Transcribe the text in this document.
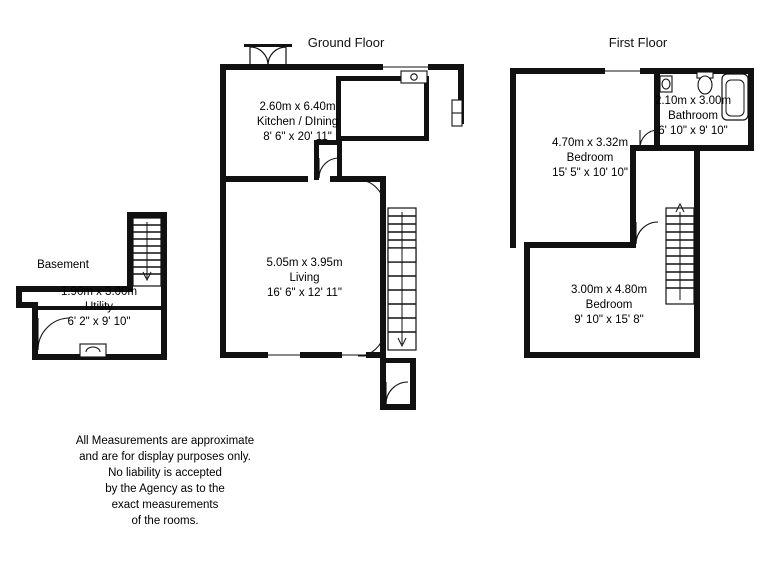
Ground Floor	First Floor
Basement
1.90m x 3.00m
Utility
6' 2" x 9' 10"
2.60m x 6.40m
Kitchen / DIning
8' 6" x 20' 11"
5.05m x 3.95m
Living
16' 6" x 12' 11"
4.70m x 3.32m
Bedroom
15' 5" x 10' 10"
3.00m x 4.80m
Bedroom
9' 10" x 15' 8"
2.10m x 3.00m
Bathroom
6' 10" x 9' 10"
All Measurements are approximate
and are for display purposes only.
No liability is accepted
by the Agency as to the
exact measurements
of the rooms.
